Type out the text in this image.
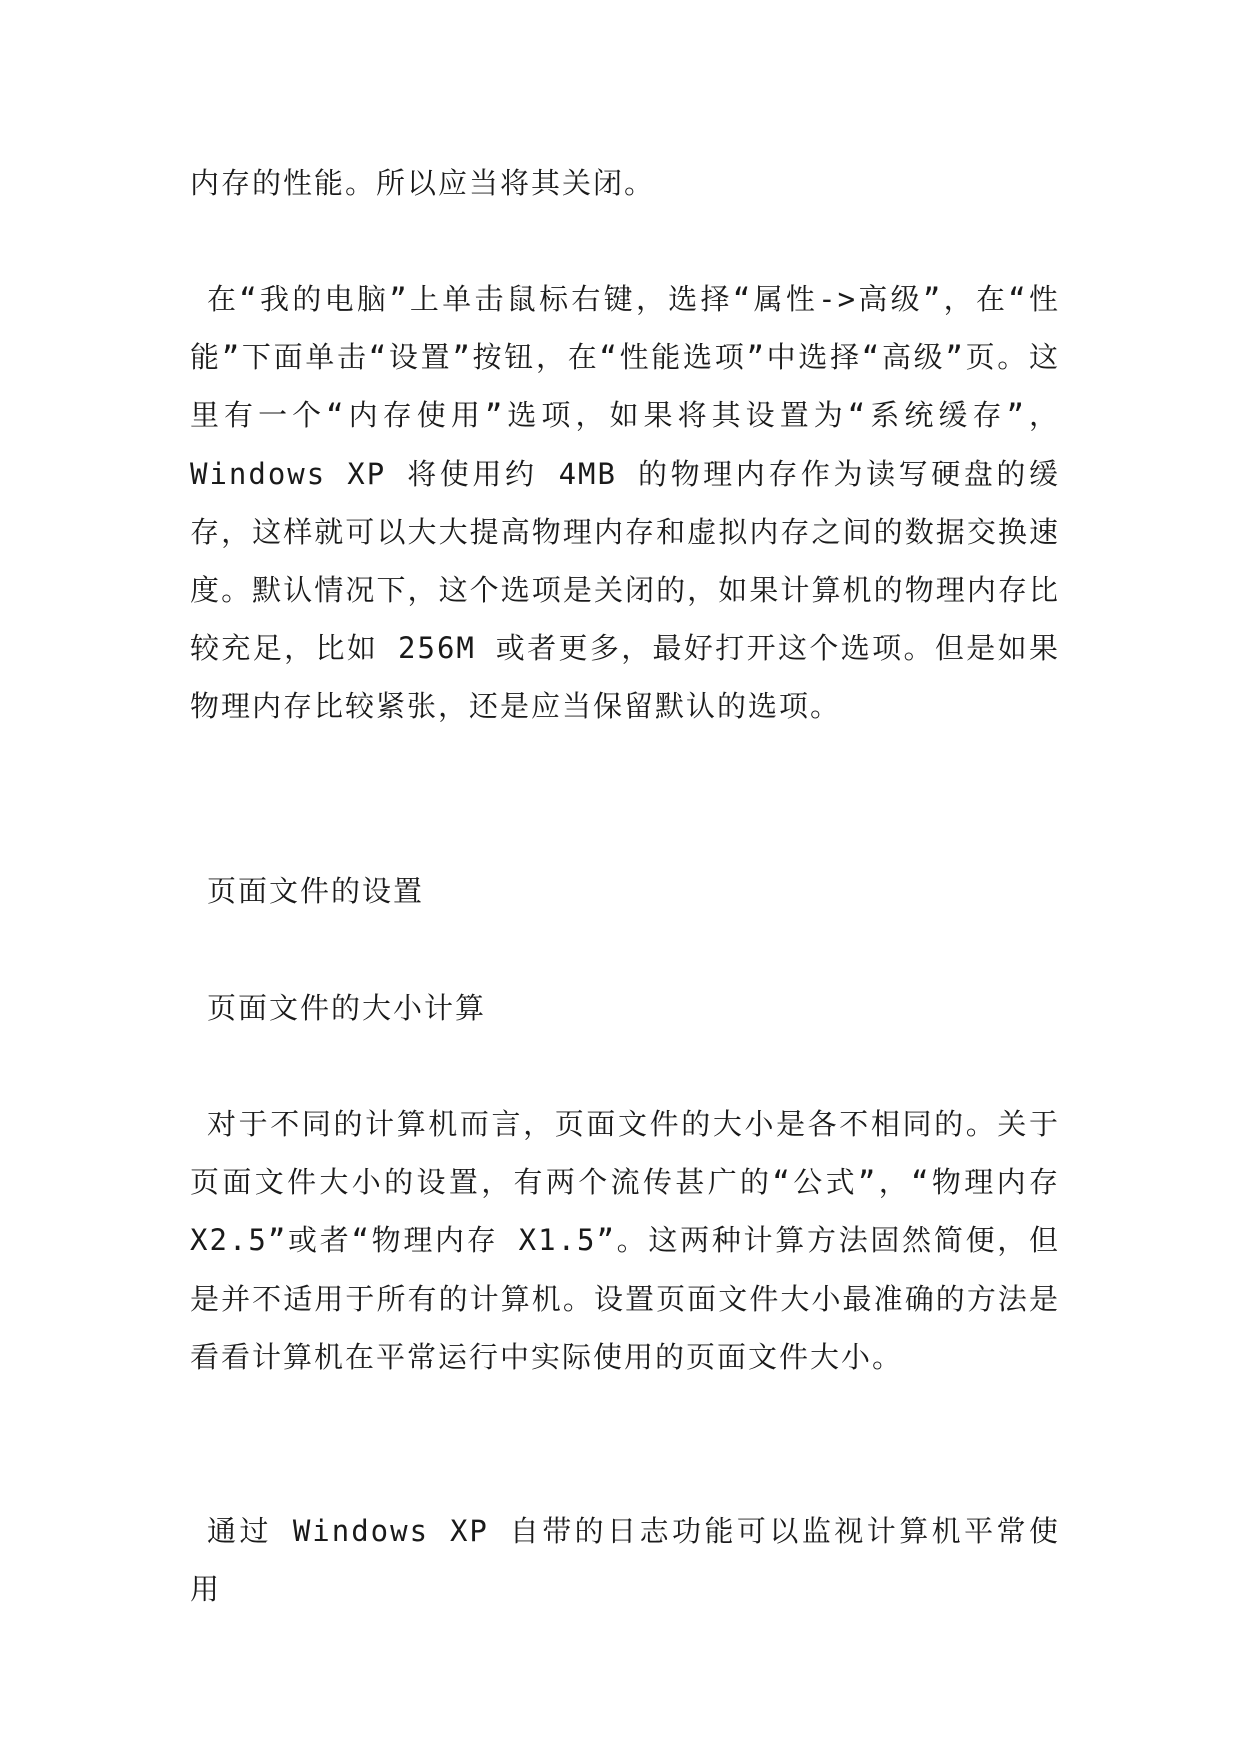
内存的性能。所以应当将其关闭。

在“我的电脑”上单击鼠标右键，选择“属性->高级”，在“性能”下面单击“设置”按钮，在“性能选项”中选择“高级”页。这里有一个“内存使用”选项，如果将其设置为“系统缓存”，Windows XP 将使用约 4MB 的物理内存作为读写硬盘的缓存，这样就可以大大提高物理内存和虚拟内存之间的数据交换速度。默认情况下，这个选项是关闭的，如果计算机的物理内存比较充足，比如 256M 或者更多，最好打开这个选项。但是如果物理内存比较紧张，还是应当保留默认的选项。

页面文件的设置

页面文件的大小计算

对于不同的计算机而言，页面文件的大小是各不相同的。关于页面文件大小的设置，有两个流传甚广的“公式”，“物理内存 X2.5”或者“物理内存 X1.5”。这两种计算方法固然简便，但是并不适用于所有的计算机。设置页面文件大小最准确的方法是看看计算机在平常运行中实际使用的页面文件大小。

通过 Windows XP 自带的日志功能可以监视计算机平常使用
